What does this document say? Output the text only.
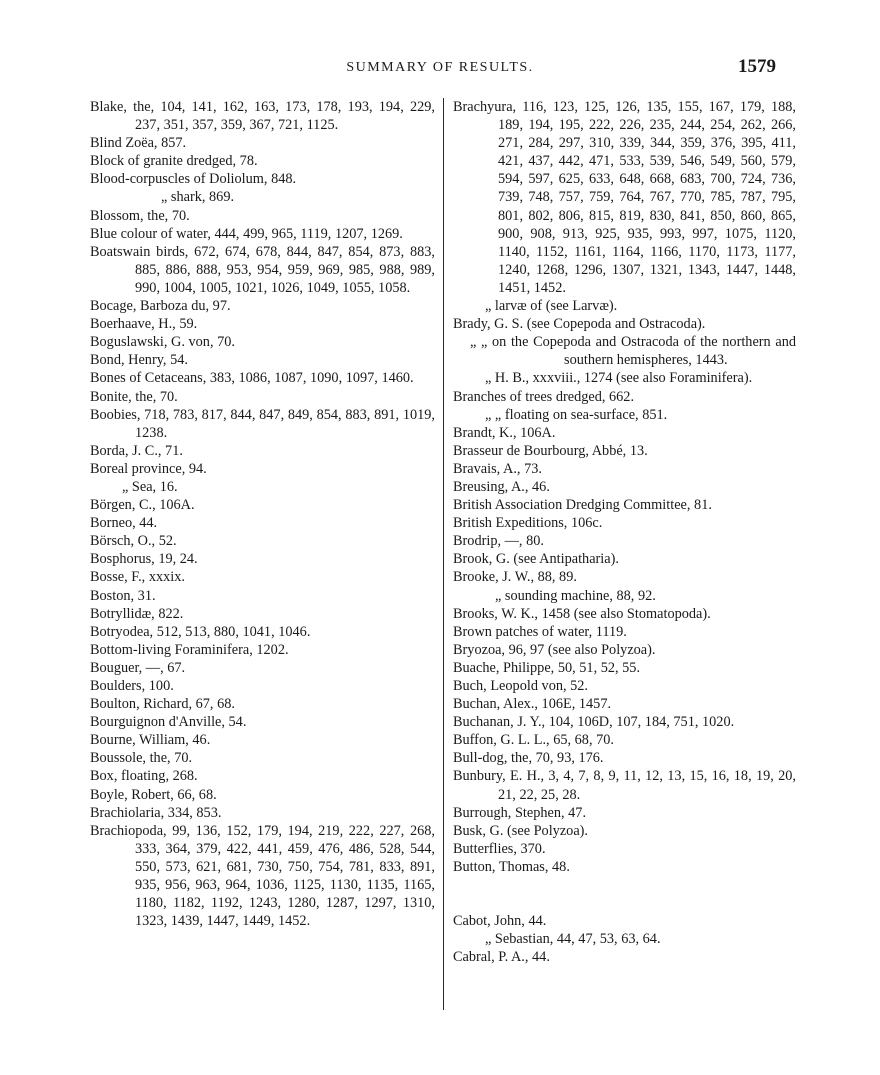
SUMMARY OF RESULTS.	1579
Blake, the, 104, 141, 162, 163, 173, 178, 193, 194, 229, 237, 351, 357, 359, 367, 721, 1125.
Blind Zoëa, 857.
Block of granite dredged, 78.
Blood-corpuscles of Doliolum, 848.
„ shark, 869.
Blossom, the, 70.
Blue colour of water, 444, 499, 965, 1119, 1207, 1269.
Boatswain birds, 672, 674, 678, 844, 847, 854, 873, 883, 885, 886, 888, 953, 954, 959, 969, 985, 988, 989, 990, 1004, 1005, 1021, 1026, 1049, 1055, 1058.
Bocage, Barboza du, 97.
Boerhaave, H., 59.
Boguslawski, G. von, 70.
Bond, Henry, 54.
Bones of Cetaceans, 383, 1086, 1087, 1090, 1097, 1460.
Bonite, the, 70.
Boobies, 718, 783, 817, 844, 847, 849, 854, 883, 891, 1019, 1238.
Borda, J. C., 71.
Boreal province, 94.
„ Sea, 16.
Börgen, C., 106A.
Borneo, 44.
Börsch, O., 52.
Bosphorus, 19, 24.
Bosse, F., xxxix.
Boston, 31.
Botryllidæ, 822.
Botryodea, 512, 513, 880, 1041, 1046.
Bottom-living Foraminifera, 1202.
Bouguer, —, 67.
Boulders, 100.
Boulton, Richard, 67, 68.
Bourguignon d'Anville, 54.
Bourne, William, 46.
Boussole, the, 70.
Box, floating, 268.
Boyle, Robert, 66, 68.
Brachiolaria, 334, 853.
Brachiopoda, 99, 136, 152, 179, 194, 219, 222, 227, 268, 333, 364, 379, 422, 441, 459, 476, 486, 528, 544, 550, 573, 621, 681, 730, 750, 754, 781, 833, 891, 935, 956, 963, 964, 1036, 1125, 1130, 1135, 1165, 1180, 1182, 1192, 1243, 1280, 1287, 1297, 1310, 1323, 1439, 1447, 1449, 1452.
Brachyura, 116, 123, 125, 126, 135, 155, 167, 179, 188, 189, 194, 195, 222, 226, 235, 244, 254, 262, 266, 271, 284, 297, 310, 339, 344, 359, 376, 395, 411, 421, 437, 442, 471, 533, 539, 546, 549, 560, 579, 594, 597, 625, 633, 648, 668, 683, 700, 724, 736, 739, 748, 757, 759, 764, 767, 770, 785, 787, 795, 801, 802, 806, 815, 819, 830, 841, 850, 860, 865, 900, 908, 913, 925, 935, 993, 997, 1075, 1120, 1140, 1152, 1161, 1164, 1166, 1170, 1173, 1177, 1240, 1268, 1296, 1307, 1321, 1343, 1447, 1448, 1451, 1452.
„ larvæ of (see Larvæ).
Brady, G. S. (see Copepoda and Ostracoda).
„ „ on the Copepoda and Ostracoda of the northern and southern hemispheres, 1443.
„ H. B., xxxviii., 1274 (see also Foraminifera).
Branches of trees dredged, 662.
„ „ floating on sea-surface, 851.
Brandt, K., 106A.
Brasseur de Bourbourg, Abbé, 13.
Bravais, A., 73.
Breusing, A., 46.
British Association Dredging Committee, 81.
British Expeditions, 106c.
Brodrip, —, 80.
Brook, G. (see Antipatharia).
Brooke, J. W., 88, 89.
„ sounding machine, 88, 92.
Brooks, W. K., 1458 (see also Stomatopoda).
Brown patches of water, 1119.
Bryozoa, 96, 97 (see also Polyzoa).
Buache, Philippe, 50, 51, 52, 55.
Buch, Leopold von, 52.
Buchan, Alex., 106E, 1457.
Buchanan, J. Y., 104, 106D, 107, 184, 751, 1020.
Buffon, G. L. L., 65, 68, 70.
Bull-dog, the, 70, 93, 176.
Bunbury, E. H., 3, 4, 7, 8, 9, 11, 12, 13, 15, 16, 18, 19, 20, 21, 22, 25, 28.
Burrough, Stephen, 47.
Busk, G. (see Polyzoa).
Butterflies, 370.
Button, Thomas, 48.
Cabot, John, 44.
„ Sebastian, 44, 47, 53, 63, 64.
Cabral, P. A., 44.
